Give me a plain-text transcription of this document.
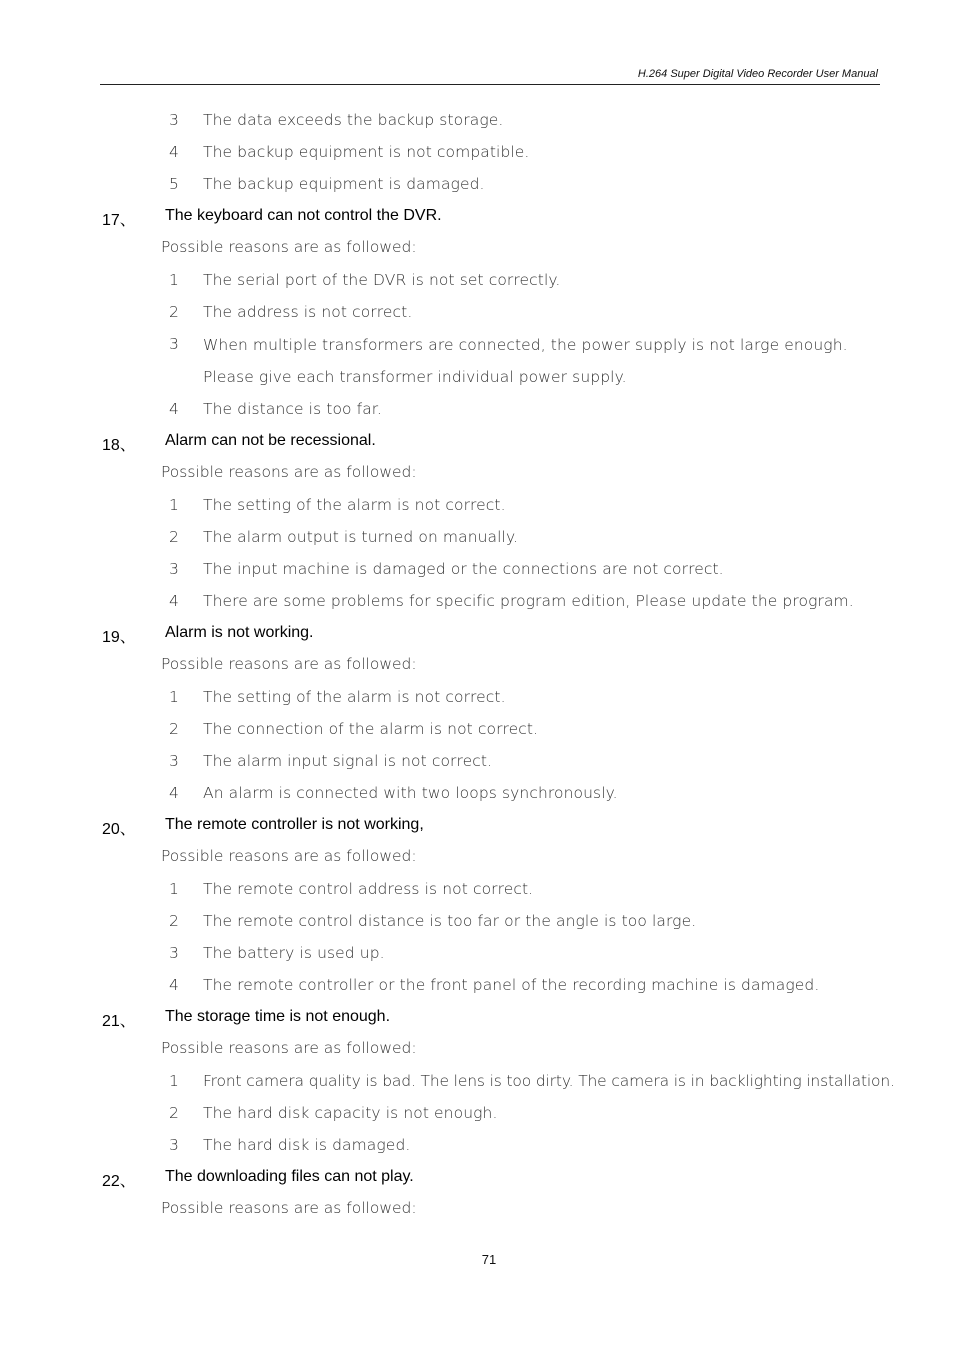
H.264 Super Digital Video Recorder User Manual
3	The data exceeds the backup storage.
4	The backup equipment is not compatible.
5	The backup equipment is damaged.
17、 The keyboard can not control the DVR.
Possible reasons are as followed:
1	The serial port of the DVR is not set correctly.
2	The address is not correct.
3	When multiple transformers are connected, the power supply is not large enough. Please give each transformer individual power supply.
4	The distance is too far.
18、 Alarm can not be recessional.
Possible reasons are as followed:
1	The setting of the alarm is not correct.
2	The alarm output is turned on manually.
3	The input machine is damaged or the connections are not correct.
4	There are some problems for specific program edition, Please update the program.
19、 Alarm is not working.
Possible reasons are as followed:
1	The setting of the alarm is not correct.
2	The connection of the alarm is not correct.
3	The alarm input signal is not correct.
4	An alarm is connected with two loops synchronously.
20、 The remote controller is not working,
Possible reasons are as followed:
1	The remote control address is not correct.
2	The remote control distance is too far or the angle is too large.
3	The battery is used up.
4	The remote controller or the front panel of the recording machine is damaged.
21、 The storage time is not enough.
Possible reasons are as followed:
1	Front camera quality is bad. The lens is too dirty. The camera is in backlighting installation.
2	The hard disk capacity is not enough.
3	The hard disk is damaged.
22、 The downloading files can not play.
Possible reasons are as followed:
71
